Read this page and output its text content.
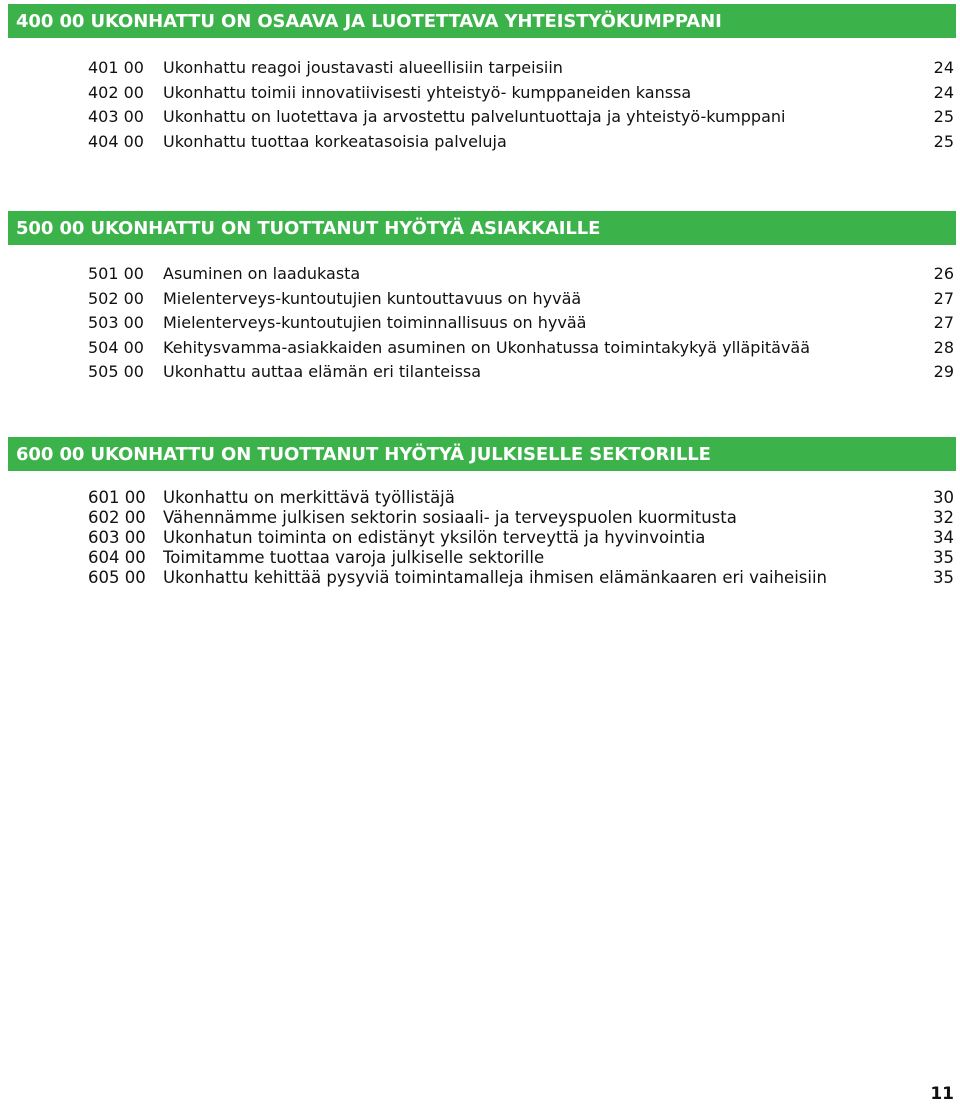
400 00 UKONHATTU ON OSAAVA JA LUOTETTAVA YHTEISTYÖKUMPPANI
401 00	Ukonhattu reagoi joustavasti alueellisiin tarpeisiin	24
402 00	Ukonhattu toimii innovatiivisesti yhteistyö- kumppaneiden kanssa	24
403 00	Ukonhattu on luotettava ja arvostettu palveluntuottaja ja yhteistyö-kumppani	25
404 00	Ukonhattu tuottaa korkeatasoisia palveluja	25
500 00 UKONHATTU ON TUOTTANUT HYÖTYÄ ASIAKKAILLE
501 00	Asuminen on laadukasta	26
502 00	Mielenterveys-kuntoutujien kuntouttavuus on hyvää	27
503 00	Mielenterveys-kuntoutujien toiminnallisuus on hyvää	27
504 00	Kehitysvamma-asiakkaiden asuminen on Ukonhatussa toimintakykyä ylläpitävää	28
505 00	Ukonhattu auttaa elämän eri tilanteissa	29
600 00 UKONHATTU ON TUOTTANUT HYÖTYÄ JULKISELLE SEKTORILLE
601 00	Ukonhattu on merkittävä työllistäjä	30
602 00	Vähennämme julkisen sektorin sosiaali- ja terveyspuolen kuormitusta	32
603 00	Ukonhatun toiminta on edistänyt yksilön terveyttä ja hyvinvointia	34
604 00	Toimitamme tuottaa varoja julkiselle sektorille	35
605 00	Ukonhattu kehittää pysyviä toimintamalleja ihmisen elämänkaaren eri vaiheisiin	35
11
